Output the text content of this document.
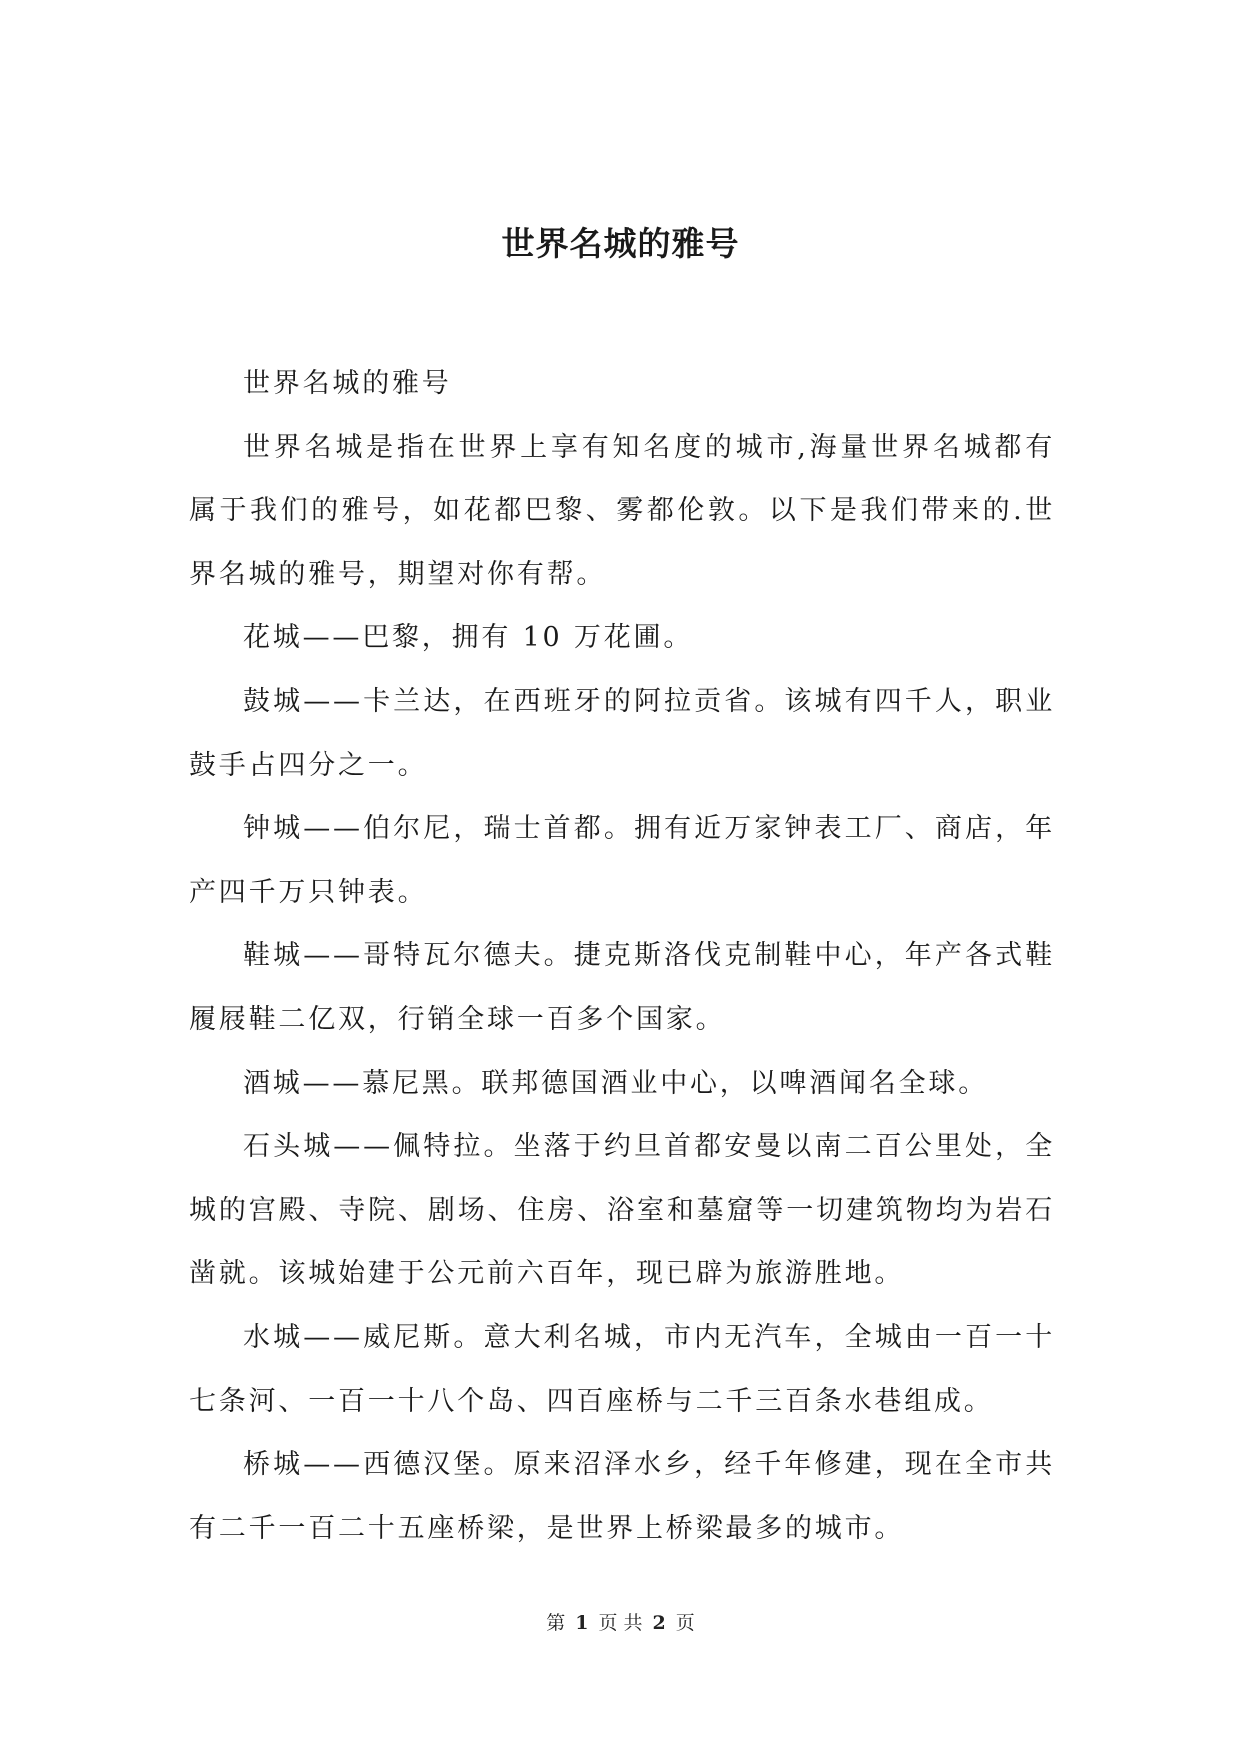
世界名城的雅号

世界名城的雅号

世界名城是指在世界上享有知名度的城市,海量世界名城都有属于我们的雅号，如花都巴黎、雾都伦敦。以下是我们带来的.世界名城的雅号，期望对你有帮。

花城——巴黎，拥有 10 万花圃。

鼓城——卡兰达，在西班牙的阿拉贡省。该城有四千人，职业鼓手占四分之一。

钟城——伯尔尼，瑞士首都。拥有近万家钟表工厂、商店，年产四千万只钟表。

鞋城——哥特瓦尔德夫。捷克斯洛伐克制鞋中心，年产各式鞋履屐鞋二亿双，行销全球一百多个国家。

酒城——慕尼黑。联邦德国酒业中心，以啤酒闻名全球。

石头城——佩特拉。坐落于约旦首都安曼以南二百公里处，全城的宫殿、寺院、剧场、住房、浴室和墓窟等一切建筑物均为岩石凿就。该城始建于公元前六百年，现已辟为旅游胜地。

水城——威尼斯。意大利名城，市内无汽车，全城由一百一十七条河、一百一十八个岛、四百座桥与二千三百条水巷组成。

桥城——西德汉堡。原来沼泽水乡，经千年修建，现在全市共有二千一百二十五座桥梁，是世界上桥梁最多的城市。

第 1 页 共 2 页
